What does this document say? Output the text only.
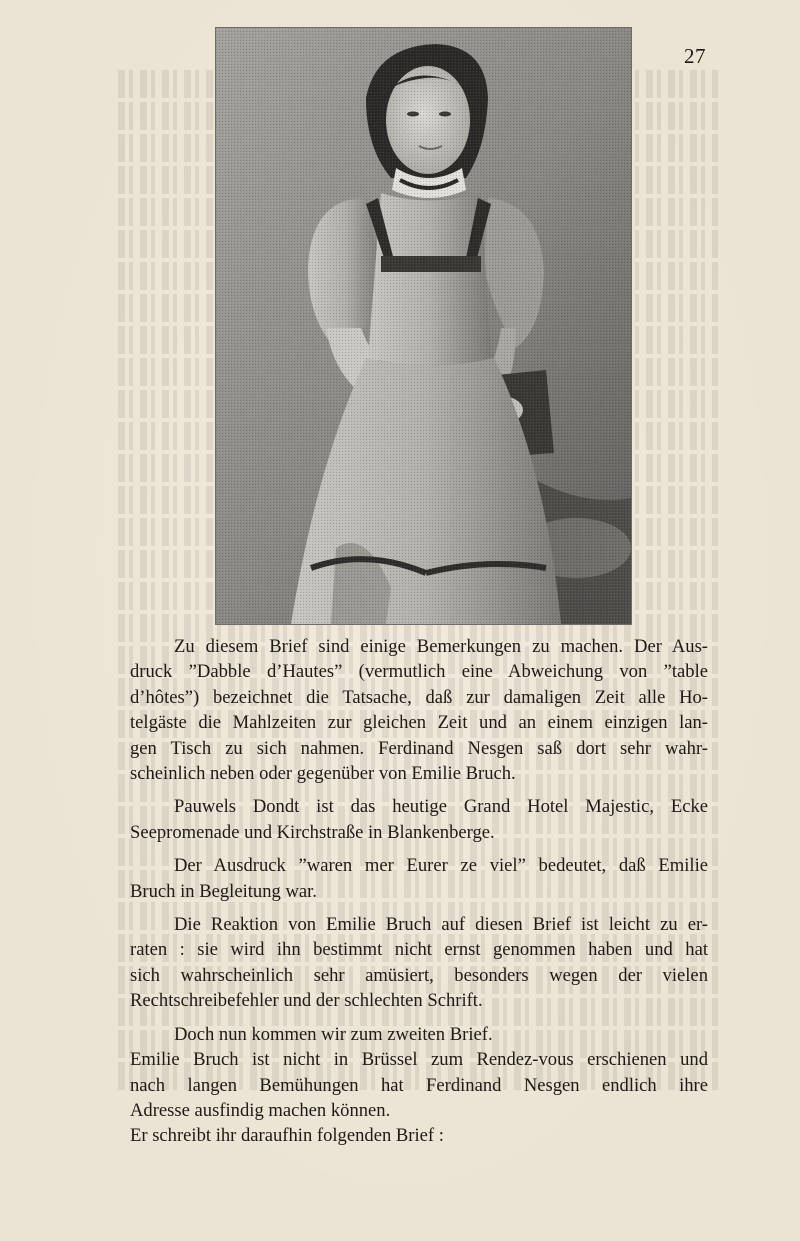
27

Zu diesem Brief sind einige Bemerkungen zu machen. Der Aus-
druck ”Dabble d’Hautes” (vermutlich eine Abweichung von ”table
d’hôtes”) bezeichnet die Tatsache, daß zur damaligen Zeit alle Ho-
telgäste die Mahlzeiten zur gleichen Zeit und an einem einzigen lan-
gen Tisch zu sich nahmen. Ferdinand Nesgen saß dort sehr wahr-
scheinlich neben oder gegenüber von Emilie Bruch.

Pauwels Dondt ist das heutige Grand Hotel Majestic, Ecke
Seepromenade und Kirchstraße in Blankenberge.

Der Ausdruck ”waren mer Eurer ze viel” bedeutet, daß Emilie
Bruch in Begleitung war.

Die Reaktion von Emilie Bruch auf diesen Brief ist leicht zu er-
raten : sie wird ihn bestimmt nicht ernst genommen haben und hat
sich wahrscheinlich sehr amüsiert, besonders wegen der vielen
Rechtschreibefehler und der schlechten Schrift.

Doch nun kommen wir zum zweiten Brief.
Emilie Bruch ist nicht in Brüssel zum Rendez-vous erschienen und
nach langen Bemühungen hat Ferdinand Nesgen endlich ihre
Adresse ausfindig machen können.
Er schreibt ihr daraufhin folgenden Brief :
